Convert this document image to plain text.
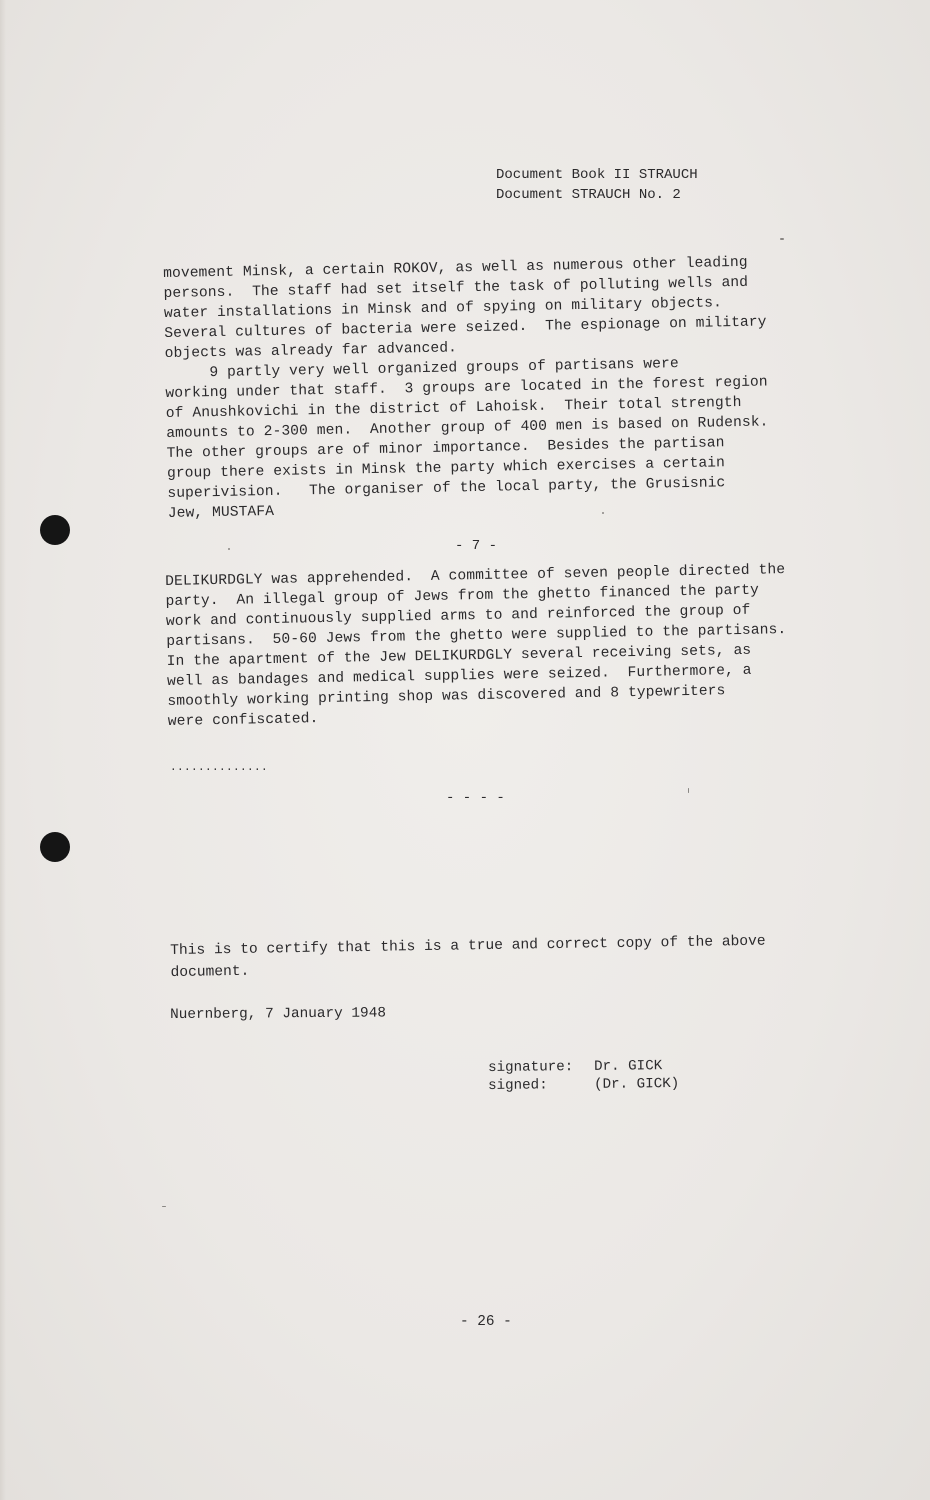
Document Book II STRAUCH
Document STRAUCH No. 2
movement Minsk, a certain ROKOV, as well as numerous other leading
persons.  The staff had set itself the task of polluting wells and
water installations in Minsk and of spying on military objects.
Several cultures of bacteria were seized.  The espionage on military
objects was already far advanced.
9 partly very well organized groups of partisans were
working under that staff.  3 groups are located in the forest region
of Anushkovichi in the district of Lahoisk.  Their total strength
amounts to 2-300 men.  Another group of 400 men is based on Rudensk.
The other groups are of minor importance.  Besides the partisan
group there exists in Minsk the party which exercises a certain
superivision.   The organiser of the local party, the Grusisnic
Jew, MUSTAFA
- 7 -
DELIKURDGLY was apprehended.  A committee of seven people directed the
party.  An illegal group of Jews from the ghetto financed the party
work and continuously supplied arms to and reinforced the group of
partisans.  50-60 Jews from the ghetto were supplied to the partisans.
In the apartment of the Jew DELIKURDGLY several receiving sets, as
well as bandages and medical supplies were seized.  Furthermore, a
smoothly working printing shop was discovered and 8 typewriters
were confiscated.
..............
- - - -
This is to certify that this is a true and correct copy of the above
document.
Nuernberg, 7 January 1948
signature: Dr. GICK
signed:	(Dr. GICK)
- 26 -
